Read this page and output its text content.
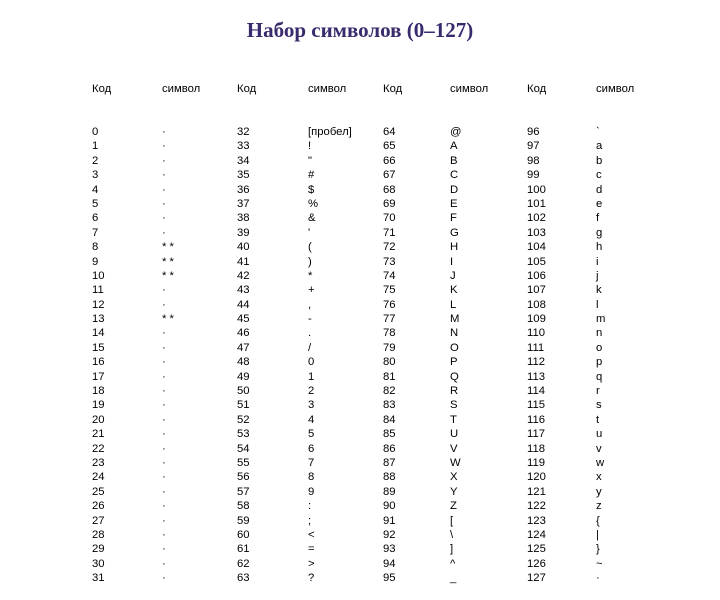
Набор символов (0–127)

Код

0
1
2
3
4
5
6
7
8
9
10
11
12
13
14
15
16
17
18
19
20
21
22
23
24
25
26
27
28
29
30
31

символ

·
·
·
·
·
·
·
·
* *
* *
* *
·
·
* *
·
·
·
·
·
·
·
·
·
·
·
·
·
·
·
·
·
·

Код

32
33
34
35
36
37
38
39
40
41
42
43
44
45
46
47
48
49
50
51
52
53
54
55
56
57
58
59
60
61
62
63

символ

[пробел]
!
"
#
$
%
&
'
(
)
*
+
,
-
.
/
0
1
2
3
4
5
6
7
8
9
:
;
<
=
>
?

Код

64
65
66
67
68
69
70
71
72
73
74
75
76
77
78
79
80
81
82
83
84
85
86
87
88
89
90
91
92
93
94
95

символ

@
A
B
C
D
E
F
G
H
I
J
K
L
M
N
O
P
Q
R
S
T
U
V
W
X
Y
Z
[
\
]
^
_

Код

96
97
98
99
100
101
102
103
104
105
106
107
108
109
110
111
112
113
114
115
116
117
118
119
120
121
122
123
124
125
126
127

символ

`
a
b
c
d
e
f
g
h
i
j
k
l
m
n
o
p
q
r
s
t
u
v
w
x
y
z
{
|
}
~
·
